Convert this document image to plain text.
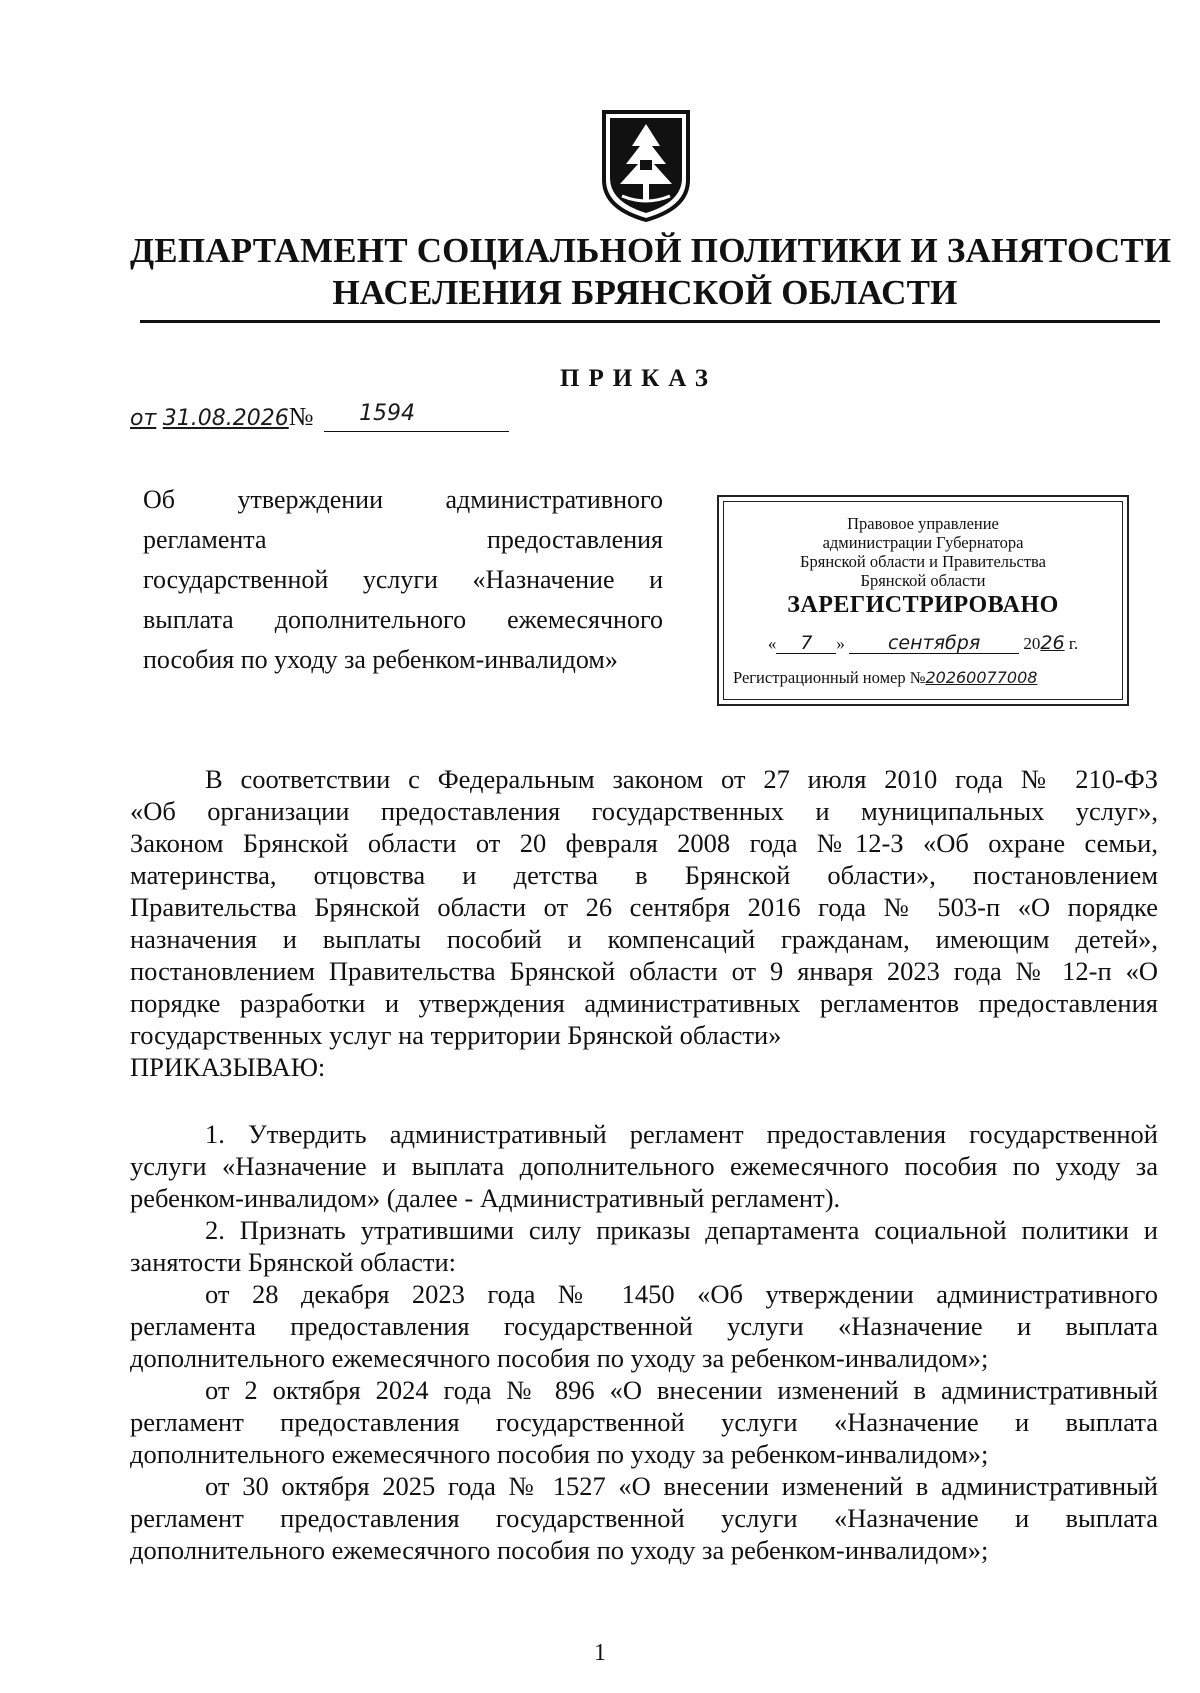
ДЕПАРТАМЕНТ СОЦИАЛЬНОЙ ПОЛИТИКИ И ЗАНЯТОСТИ
НАСЕЛЕНИЯ БРЯНСКОЙ ОБЛАСТИ
ПРИКАЗ
от 31.08.2026№ 1594
Об утверждении административного
регламента предоставления
государственной услуги «Назначение и
выплата дополнительного ежемесячного
пособия по уходу за ребенком-инвалидом»
Правовое управление
администрации Губернатора
Брянской области и Правительства
Брянской области
ЗАРЕГИСТРИРОВАНО
« 7 » сентября	2026 г.
Регистрационный номер №20260077008
В соответствии с Федеральным законом от 27 июля 2010 года № 210-ФЗ
«Об организации предоставления государственных и муниципальных услуг»,
Законом Брянской области от 20 февраля 2008 года №12-З «Об охране семьи,
материнства, отцовства и детства в Брянской области», постановлением
Правительства Брянской области от 26 сентября 2016 года № 503-п «О порядке
назначения и выплаты пособий и компенсаций гражданам, имеющим детей»,
постановлением Правительства Брянской области от 9 января 2023 года № 12-п «О
порядке разработки и утверждения административных регламентов предоставления
государственных услуг на территории Брянской области»
ПРИКАЗЫВАЮ:
1. Утвердить административный регламент предоставления государственной
услуги «Назначение и выплата дополнительного ежемесячного пособия по уходу за
ребенком-инвалидом» (далее - Административный регламент).
2. Признать утратившими силу приказы департамента социальной политики и
занятости Брянской области:
от 28 декабря 2023 года № 1450 «Об утверждении административного
регламента предоставления государственной услуги «Назначение и выплата
дополнительного ежемесячного пособия по уходу за ребенком-инвалидом»;
от 2 октября 2024 года № 896 «О внесении изменений в административный
регламент предоставления государственной услуги «Назначение и выплата
дополнительного ежемесячного пособия по уходу за ребенком-инвалидом»;
от 30 октября 2025 года № 1527 «О внесении изменений в административный
регламент предоставления государственной услуги «Назначение и выплата
дополнительного ежемесячного пособия по уходу за ребенком-инвалидом»;
1
